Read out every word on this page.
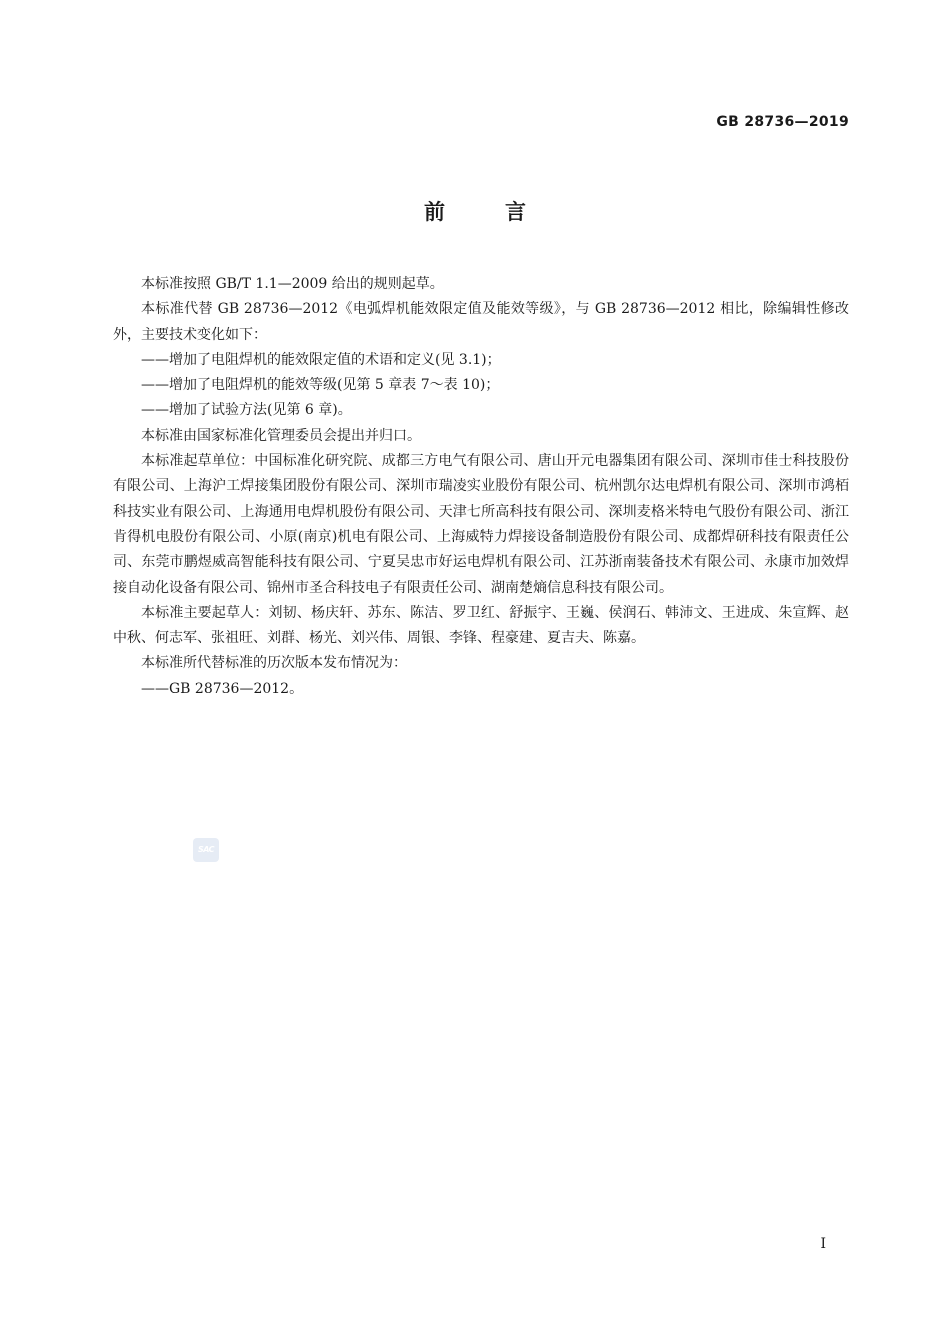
GB 28736—2019
前言

本标准按照 GB/T 1.1—2009 给出的规则起草。

本标准代替 GB 28736—2012《电弧焊机能效限定值及能效等级》，与 GB 28736—2012 相比，除编辑性修改外，主要技术变化如下：

——增加了电阻焊机的能效限定值的术语和定义(见 3.1)；

——增加了电阻焊机的能效等级(见第 5 章表 7～表 10)；

——增加了试验方法(见第 6 章)。

本标准由国家标准化管理委员会提出并归口。

本标准起草单位：中国标准化研究院、成都三方电气有限公司、唐山开元电器集团有限公司、深圳市佳士科技股份有限公司、上海沪工焊接集团股份有限公司、深圳市瑞凌实业股份有限公司、杭州凯尔达电焊机有限公司、深圳市鸿栢科技实业有限公司、上海通用电焊机股份有限公司、天津七所高科技有限公司、深圳麦格米特电气股份有限公司、浙江肯得机电股份有限公司、小原(南京)机电有限公司、上海威特力焊接设备制造股份有限公司、成都焊研科技有限责任公司、东莞市鹏煜威高智能科技有限公司、宁夏吴忠市好运电焊机有限公司、江苏浙南装备技术有限公司、永康市加效焊接自动化设备有限公司、锦州市圣合科技电子有限责任公司、湖南楚熵信息科技有限公司。

本标准主要起草人：刘韧、杨庆轩、苏东、陈洁、罗卫红、舒振宇、王巍、侯润石、韩沛文、王进成、朱宣辉、赵中秋、何志军、张祖旺、刘群、杨光、刘兴伟、周银、李锋、程豪建、夏吉夫、陈嘉。

本标准所代替标准的历次版本发布情况为：

——GB 28736—2012。

SAC
I
